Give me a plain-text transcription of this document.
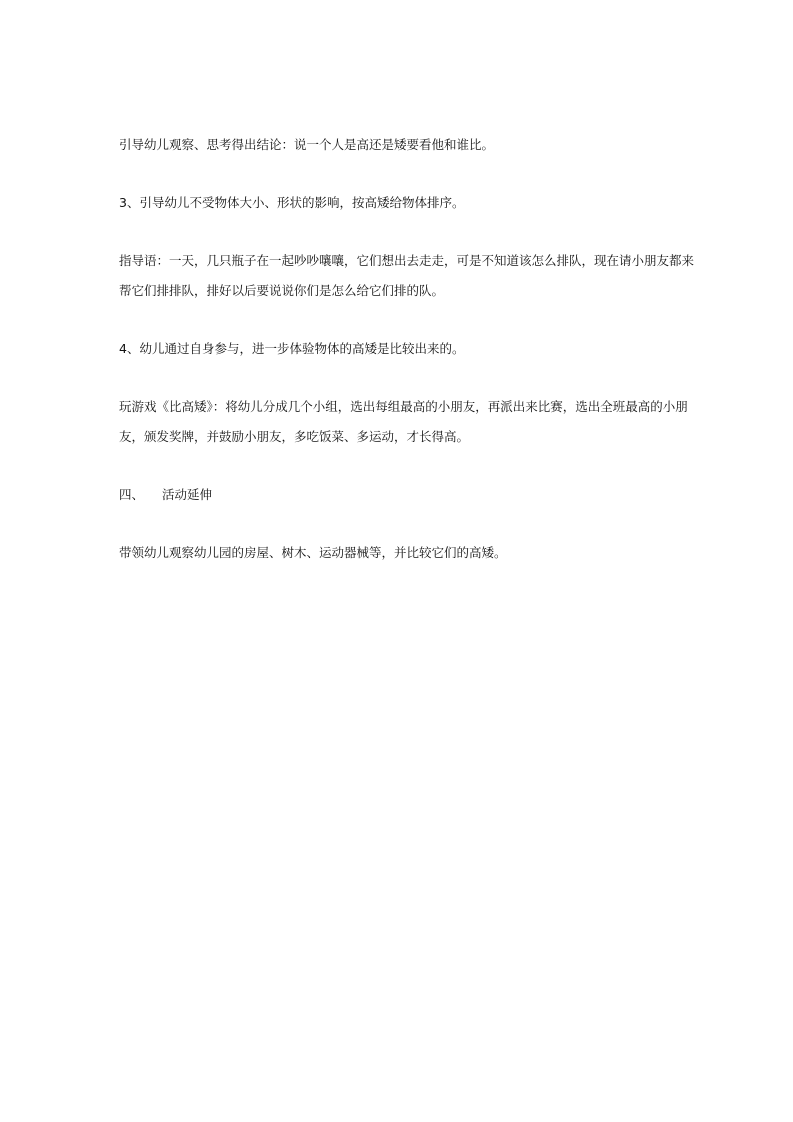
引导幼儿观察、思考得出结论：说一个人是高还是矮要看他和谁比。

3、引导幼儿不受物体大小、形状的影响，按高矮给物体排序。

指导语：一天，几只瓶子在一起吵吵嚷嚷，它们想出去走走，可是不知道该怎么排队，现在请小朋友都来

帮它们排排队，排好以后要说说你们是怎么给它们排的队。

4、幼儿通过自身参与，进一步体验物体的高矮是比较出来的。

玩游戏《比高矮》：将幼儿分成几个小组，选出每组最高的小朋友，再派出来比赛，选出全班最高的小朋

友，颁发奖牌，并鼓励小朋友，多吃饭菜、多运动，才长得高。

四、 活动延伸

带领幼儿观察幼儿园的房屋、树木、运动器械等，并比较它们的高矮。
